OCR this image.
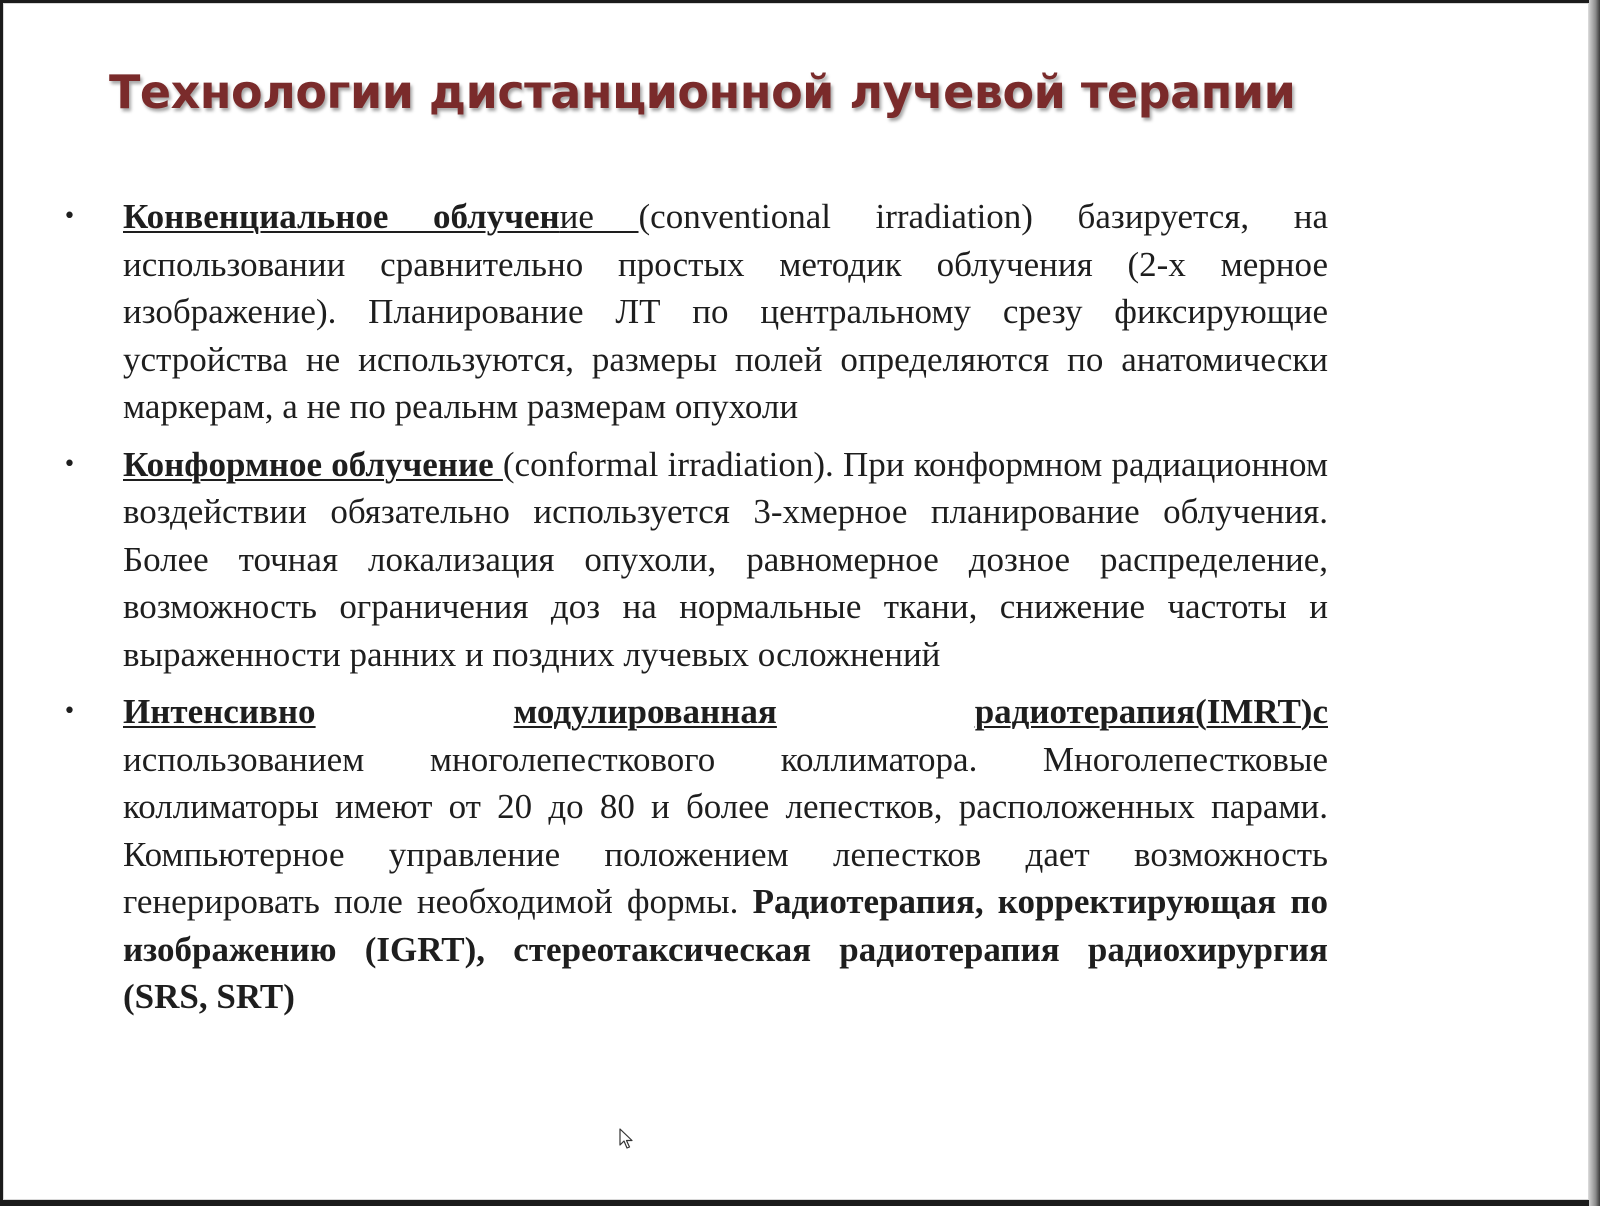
Технологии дистанционной лучевой терапии
•	Конвенциальное облучение (conventional irradiation) базируется, на использовании сравнительно простых методик облучения (2-х мерное изображение). Планирование ЛТ по центральному срезу фиксирующие устройства не используются, размеры полей определяются по анатомически маркерам, а не по реальнм размерам опухоли
•	Конформное облучение (conformal irradiation). При конформном радиационном воздействии обязательно используется 3-хмерное планирование облучения. Более точная локализация опухоли, равномерное дозное распределение, возможность ограничения доз на нормальные ткани, снижение частоты и выраженности ранних и поздних лучевых осложнений
•	Интенсивно	модулированная	радиотерапия(IMRT)с
использованием многолепесткового коллиматора. Многолепестковые коллиматоры имеют от 20 до 80 и более лепестков, расположенных парами. Компьютерное управление положением лепестков дает возможность генерировать поле необходимой формы. Радиотерапия, корректирующая по изображению (IGRT), стереотаксическая радиотерапия радиохирургия (SRS, SRT)
